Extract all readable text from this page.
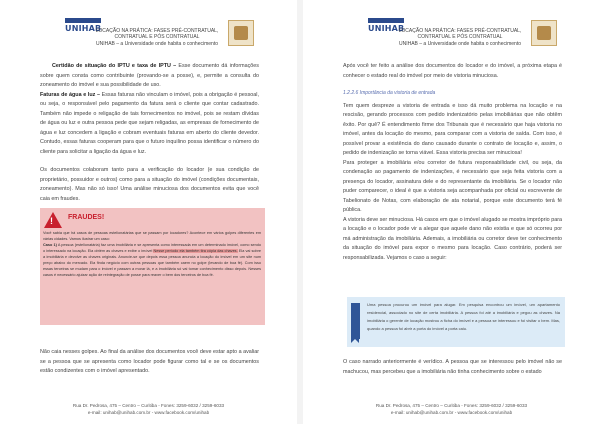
UNIHAB
LOCAÇÃO NA PRÁTICA: FASES PRÉ-CONTRATUAL,
CONTRATUAL E PÓS CONTRATUAL
UNIHAB – a Universidade onde habita o conhecimento

Certidão de situação do IPTU e taxa de IPTU – Esse documento dá informações sobre quem consta como contribuinte (provando-se a posse), e, permite a consulta do zoneamento do imóvel e sua possibilidade de uso.

Faturas de água e luz – Essas faturas não vinculam o imóvel, pois a obrigação é pessoal, ou seja, o responsável pelo pagamento da fatura será o cliente que contar cadastrado. Também não impede o religação de tais fornecimentos no imóvel, pois se restam dívidas de água ou luz e outra pessoa pede que sejam religadas, as empresas de fornecimento de água e luz concedem a ligação e cobram eventuais faturas em aberto do cliente devedor. Contudo, essas faturas cooperam para que o futuro inquilino possa identificar o número do cliente para solicitar a ligação da água e luz.

Os documentos colaboram tanto para a verificação do locador (e sua condição de proprietário, possuidor e outros) como para a situação do imóvel (condições documentais, zoneamento). Mas não só isso! Uma análise minuciosa dos documentos evita que você caia em fraudes.

! FRAUDES!
Você sabia que há casos de pessoas estelionatárias que se passam por locadores? Acontece em vários golpes diferentes em várias cidades. Vamos ilustrar um caso:
Caso 1) A pessoa (estelionatária) faz uma imobiliária e se apresenta como interessada em um determinado imóvel, como sendo o interessado na locação. Ela obtém as chaves e exibe o imóvel Nesse período ela também tira cópia das chaves. Ela vai sobre a imobiliária e devolve as chaves originais. Anuncie-se que depois essa pessoa anuncia a locação do imóvel em um site num preço abaixo do mercado. Ela finda negócio com outras pessoas que também caem no golpe (levando de boa fé). Com isso essas terceiras se mudam para o imóvel e passam a morar lá, e a imobiliária só vai tomar conhecimento disso depois. Nesses casos é necessário ajuizar ação de reintegração de posse para reaver o bem dos terceiros de boa fé.

Não caia nesses golpes. Ao final da análise dos documentos você deve estar apto a avaliar se a pessoa que se apresenta como locador pode figurar como tal e se os documentos estão condizentes com o imóvel apresentado.

Rua Dr. Pedrosa, 475 – Centro – Curitiba - Fones: 3259-6032 / 3259-6033
e-mail: unihab@unihab.com.br - www.facebook.com/unihab
UNIHAB
LOCAÇÃO NA PRÁTICA: FASES PRÉ-CONTRATUAL,
CONTRATUAL E PÓS CONTRATUAL
UNIHAB – a Universidade onde habita o conhecimento

Após você ter feito a análise dos documentos do locador e do imóvel, a próxima etapa é conhecer o estado real do imóvel por meio de vistoria minuciosa.

1.2.2.6 Importância da vistoria de entrada

Tem quem despreze a vistoria de entrada e isso dá muito problema na locação e na rescisão, gerando processos com pedido indenizatório pelas imobiliárias que não obtêm êxito. Por quê? É entendimento firme dos Tribunais que é necessário que haja vistoria no imóvel, antes da locação do mesmo, para comparar com a vistoria de saída. Com isso, é possível provar a existência do dano causado durante o contrato de locação e, assim, o pedido de indenização se torna viável. Essa vistoria precisa ser minuciosa!

Para proteger a imobiliária e/ou corretor de futura responsabilidade civil, ou seja, da condenação ao pagamento de indenizações, é necessário que seja feita vistoria com a presença do locador, assinatura dele e do representante da imobiliária. Se o locador não puder comparecer, o ideal é que a vistoria seja acompanhada por oficial ou escrevente de Tabelionato de Notas, com elaboração de ata notarial, porque este documento terá fé pública.

A vistoria deve ser minuciosa. Há casos em que o imóvel alugado se mostra impróprio para a locação e o locador pode vir a alegar que aquele dano não existia e que só ocorreu por má administração da imobiliária. Ademais, a imobiliária ou corretor deve ter conhecimento da situação do imóvel para expor o mesmo para locação. Caso contrário, poderá ser responsabilizada. Vejamos o caso a seguir:

Uma pessoa procurou um imóvel para alugar. Em pesquisa encontrou um imóvel, um apartamento residencial, associado no site de certa imobiliária. A pessoa foi até a imobiliária e pegou as chaves. Na imobiliária o gerente de locação mostrou a ficha do imóvel e a pessoa se interessou e foi visitar o bem. Mas, quando a pessoa foi abrir a porta do imóvel a porta caiu.

O caso narrado anteriormente é verídico. A pessoa que se interessou pelo imóvel não se machucou, mas percebeu que a imobiliária não tinha conhecimento sobre o estado

Rua Dr. Pedrosa, 475 – Centro – Curitiba - Fones: 3259-6032 / 3259-6033
e-mail: unihab@unihab.com.br - www.facebook.com/unihab
